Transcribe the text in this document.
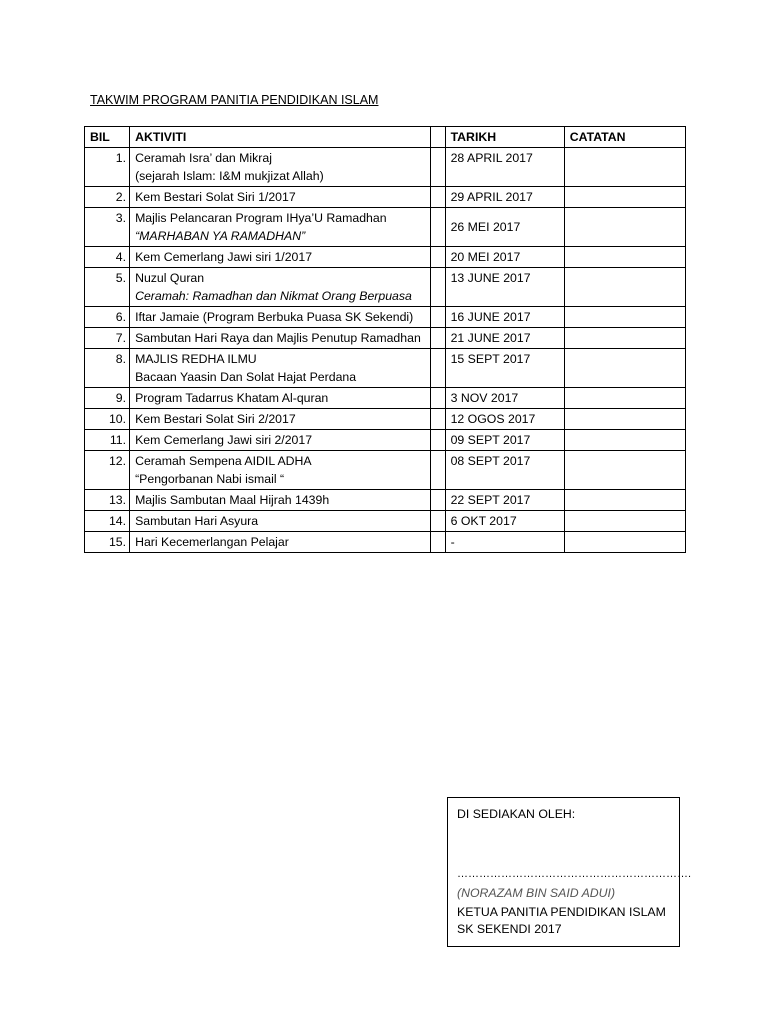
TAKWIM PROGRAM PANITIA PENDIDIKAN ISLAM
BIL	AKTIVITI		TARIKH	CATATAN
1.	Ceramah Isra’ dan Mikraj
(sejarah Islam: I&M mukjizat Allah)		28 APRIL 2017	
2.	Kem Bestari Solat Siri 1/2017		29 APRIL 2017	
3.	Majlis Pelancaran Program IHya’U Ramadhan
“MARHABAN YA RAMADHAN”		26 MEI 2017	
4.	Kem Cemerlang Jawi siri 1/2017		20 MEI 2017	
5.	Nuzul Quran
Ceramah: Ramadhan dan Nikmat Orang Berpuasa		13 JUNE 2017	
6.	Iftar Jamaie (Program Berbuka Puasa SK Sekendi)		16 JUNE 2017	
7.	Sambutan Hari Raya dan Majlis Penutup Ramadhan		21 JUNE 2017	
8.	MAJLIS REDHA ILMU
Bacaan Yaasin Dan Solat Hajat Perdana		15 SEPT 2017	
9.	Program Tadarrus Khatam Al-quran		3 NOV 2017	
10.	Kem Bestari Solat Siri 2/2017		12 OGOS 2017	
11.	Kem Cemerlang Jawi siri 2/2017		09 SEPT 2017	
12.	Ceramah Sempena AIDIL ADHA
“Pengorbanan Nabi ismail “		08 SEPT 2017	
13.	Majlis Sambutan Maal Hijrah 1439h		22 SEPT 2017	
14.	Sambutan Hari Asyura		6 OKT 2017	
15.	Hari Kecemerlangan Pelajar		-	
DI SEDIAKAN OLEH:
……………………………………………………….
(NORAZAM BIN SAID ADUI)
KETUA PANITIA PENDIDIKAN ISLAM
SK SEKENDI 2017
